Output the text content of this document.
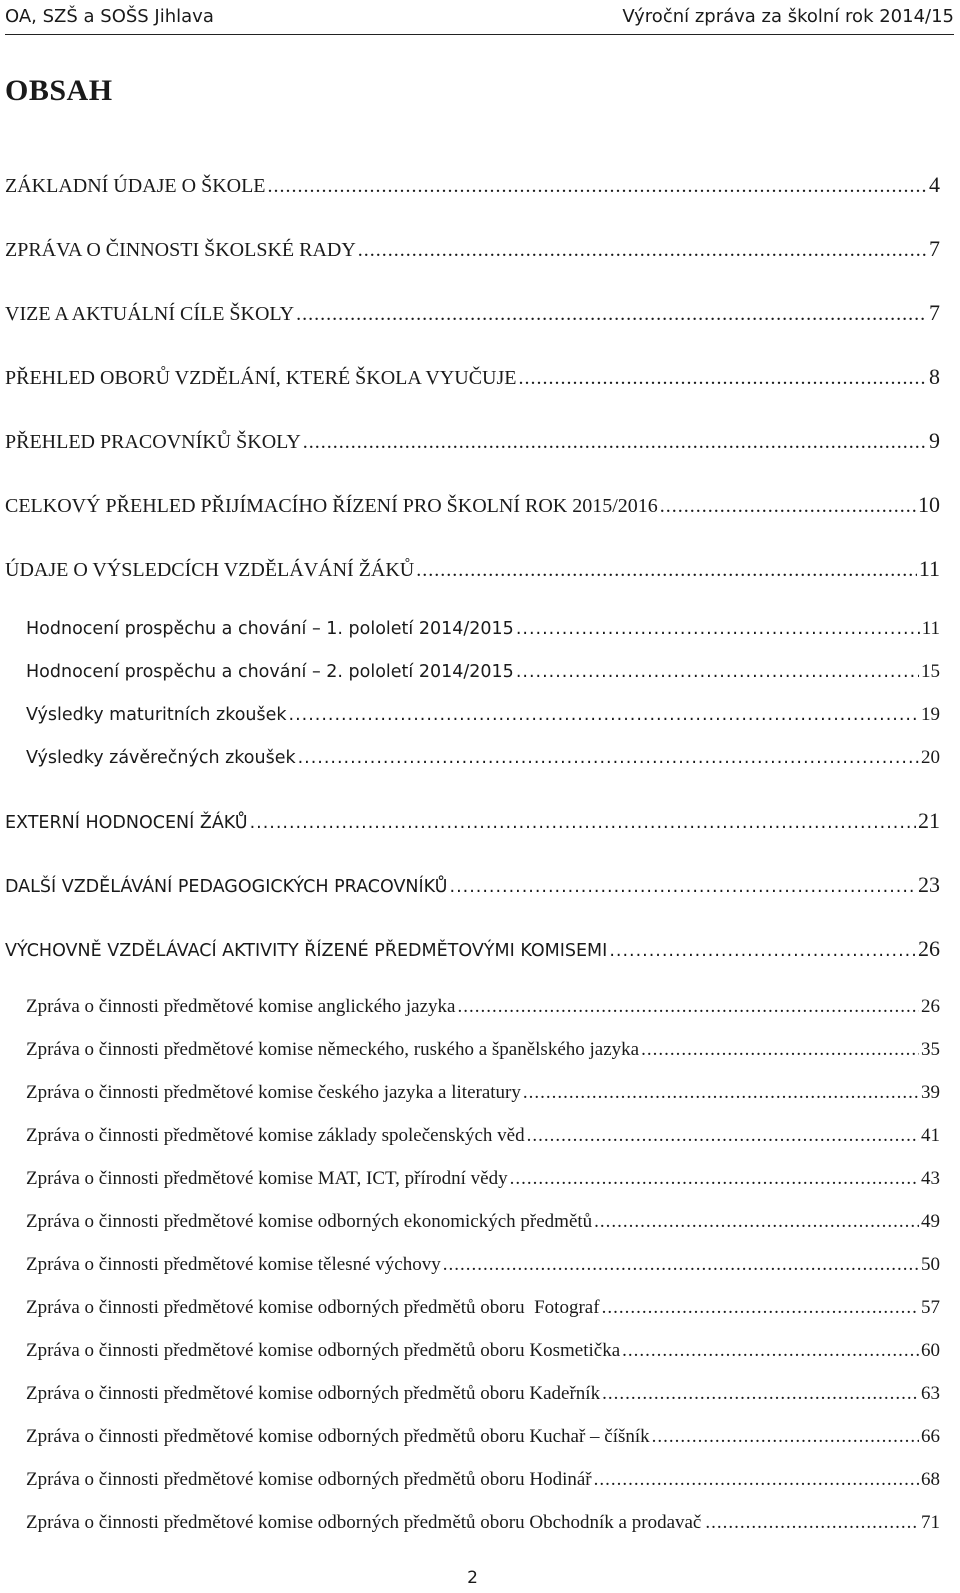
OA, SZŠ a SOŠS Jihlava	Výroční zpráva za školní rok 2014/15
OBSAH
ZÁKLADNÍ ÚDAJE O ŠKOLE .....	4
ZPRÁVA O ČINNOSTI ŠKOLSKÉ RADY .....	7
VIZE A AKTUÁLNÍ CÍLE ŠKOLY .....	7
PŘEHLED OBORŮ VZDĚLÁNÍ, KTERÉ ŠKOLA VYUČUJE .....	8
PŘEHLED PRACOVNÍKŮ ŠKOLY .....	9
CELKOVÝ PŘEHLED PŘIJÍMACÍHO ŘÍZENÍ PRO ŠKOLNÍ ROK 2015/2016 .....	10
ÚDAJE O VÝSLEDCÍCH VZDĚLÁVÁNÍ ŽÁKŮ .....	11
Hodnocení prospěchu a chování – 1. pololetí 2014/2015 .....	11
Hodnocení prospěchu a chování – 2. pololetí 2014/2015 .....	15
Výsledky maturitních zkoušek .....	19
Výsledky závěrečných zkoušek .....	20
EXTERNÍ HODNOCENÍ ŽÁKŮ .....	21
DALŠÍ VZDĚLÁVÁNÍ PEDAGOGICKÝCH PRACOVNÍKŮ .....	23
VÝCHOVNĚ VZDĚLÁVACÍ AKTIVITY ŘÍZENÉ PŘEDMĚTOVÝMI KOMISEMI .....	26
Zpráva o činnosti předmětové komise anglického jazyka .....	26
Zpráva o činnosti předmětové komise německého, ruského a španělského jazyka .....	35
Zpráva o činnosti předmětové komise českého jazyka a literatury .....	39
Zpráva o činnosti předmětové komise základy společenských věd .....	41
Zpráva o činnosti předmětové komise MAT, ICT, přírodní vědy .....	43
Zpráva o činnosti předmětové komise odborných ekonomických předmětů .....	49
Zpráva o činnosti předmětové komise tělesné výchovy .....	50
Zpráva o činnosti předmětové komise odborných předmětů oboru  Fotograf .....	57
Zpráva o činnosti předmětové komise odborných předmětů oboru Kosmetička .....	60
Zpráva o činnosti předmětové komise odborných předmětů oboru Kadeřník .....	63
Zpráva o činnosti předmětové komise odborných předmětů oboru Kuchař – číšník .....	66
Zpráva o činnosti předmětové komise odborných předmětů oboru Hodinář .....	68
Zpráva o činnosti předmětové komise odborných předmětů oboru Obchodník a prodavač .....	71
2
